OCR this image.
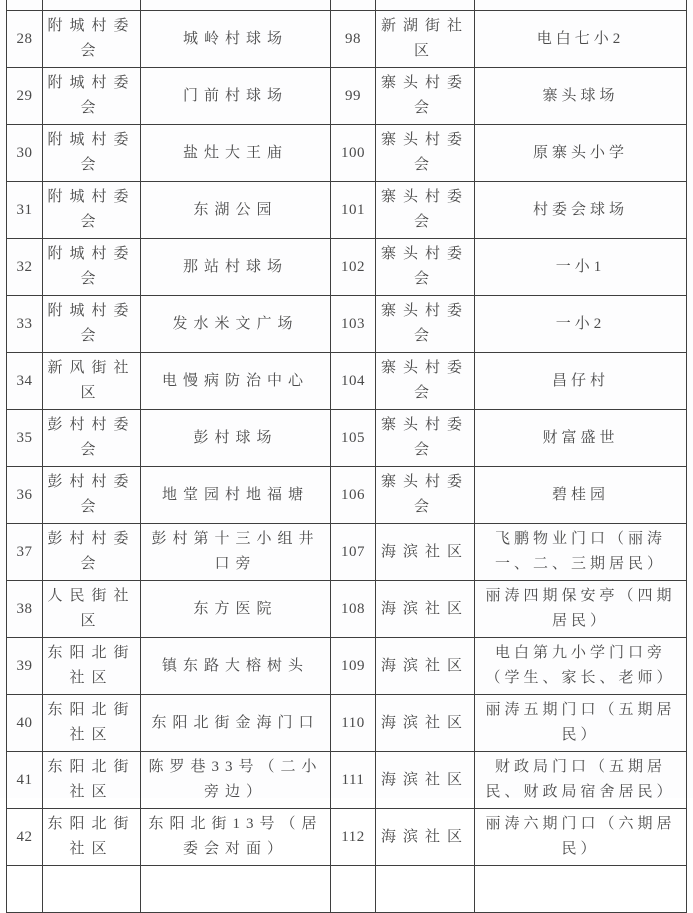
28	附城村委会	城岭村球场	98	新湖街社区	电白七小2
29	附城村委会	门前村球场	99	寨头村委会	寨头球场
30	附城村委会	盐灶大王庙	100	寨头村委会	原寨头小学
31	附城村委会	东湖公园	101	寨头村委会	村委会球场
32	附城村委会	那站村球场	102	寨头村委会	一小1
33	附城村委会	发水米文广场	103	寨头村委会	一小2
34	新风街社区	电慢病防治中心	104	寨头村委会	昌仔村
35	彭村村委会	彭村球场	105	寨头村委会	财富盛世
36	彭村村委会	地堂园村地福塘	106	寨头村委会	碧桂园
37	彭村村委会	彭村第十三小组井口旁	107	海滨社区	飞鹏物业门口（丽涛一、二、三期居民）
38	人民街社区	东方医院	108	海滨社区	丽涛四期保安亭（四期居民）
39	东阳北街社区	镇东路大榕树头	109	海滨社区	电白第九小学门口旁（学生、家长、老师）
40	东阳北街社区	东阳北街金海门口	110	海滨社区	丽涛五期门口（五期居民）
41	东阳北街社区	陈罗巷33号（二小旁边）	111	海滨社区	财政局门口（五期居民、财政局宿舍居民）
42	东阳北街社区	东阳北街13号（居委会对面）	112	海滨社区	丽涛六期门口（六期居民）
